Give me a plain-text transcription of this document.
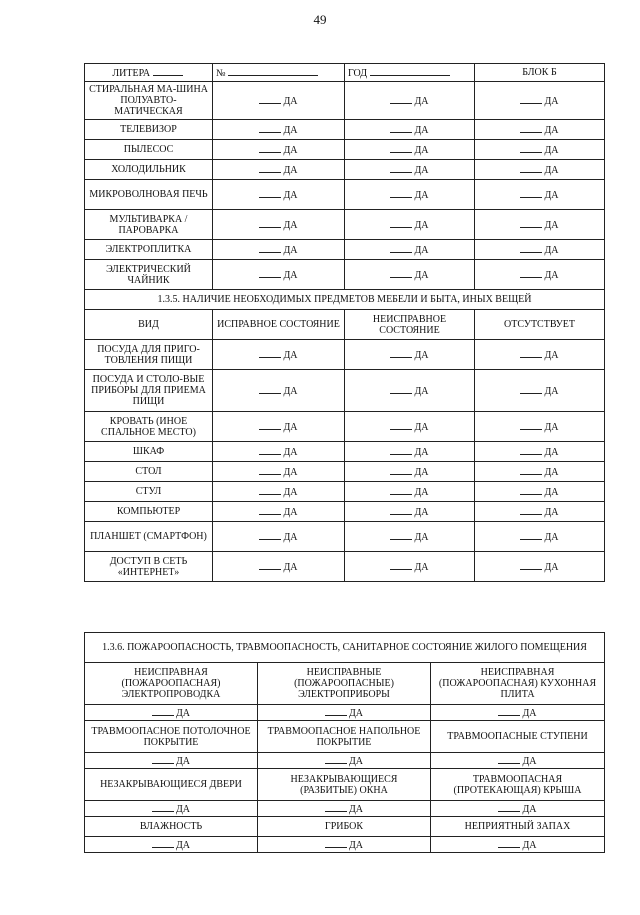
49
ЛИТЕРА	№	ГОД	БЛОК Б
СТИРАЛЬНАЯ МА-ШИНА ПОЛУАВТО-МАТИЧЕСКАЯ	ДА	ДА	ДА
ТЕЛЕВИЗОР	ДА	ДА	ДА
ПЫЛЕСОС	ДА	ДА	ДА
ХОЛОДИЛЬНИК	ДА	ДА	ДА
МИКРОВОЛНОВАЯ ПЕЧЬ	ДА	ДА	ДА
МУЛЬТИВАРКА / ПАРОВАРКА	ДА	ДА	ДА
ЭЛЕКТРОПЛИТКА	ДА	ДА	ДА
ЭЛЕКТРИЧЕСКИЙ ЧАЙНИК	ДА	ДА	ДА
1.3.5. НАЛИЧИЕ НЕОБХОДИМЫХ ПРЕДМЕТОВ МЕБЕЛИ И БЫТА, ИНЫХ ВЕЩЕЙ			
ВИД	ИСПРАВНОЕ СОСТОЯНИЕ	НЕИСПРАВНОЕ СОСТОЯНИЕ	ОТСУТСТВУЕТ
ПОСУДА ДЛЯ ПРИГО-ТОВЛЕНИЯ ПИЩИ	ДА	ДА	ДА
ПОСУДА И СТОЛО-ВЫЕ ПРИБОРЫ ДЛЯ ПРИЕМА ПИЩИ	ДА	ДА	ДА
КРОВАТЬ (ИНОЕ СПАЛЬНОЕ МЕСТО)	ДА	ДА	ДА
ШКАФ	ДА	ДА	ДА
СТОЛ	ДА	ДА	ДА
СТУЛ	ДА	ДА	ДА
КОМПЬЮТЕР	ДА	ДА	ДА
ПЛАНШЕТ (СМАРТФОН)	ДА	ДА	ДА
ДОСТУП В СЕТЬ «ИНТЕРНЕТ»	ДА	ДА	ДА
1.3.6. ПОЖАРООПАСНОСТЬ, ТРАВМООПАСНОСТЬ, САНИТАРНОЕ СОСТОЯНИЕ ЖИЛОГО ПОМЕЩЕНИЯ		
НЕИСПРАВНАЯ (ПОЖАРООПАСНАЯ) ЭЛЕКТРОПРОВОДКА	НЕИСПРАВНЫЕ (ПОЖАРООПАСНЫЕ) ЭЛЕКТРОПРИБОРЫ	НЕИСПРАВНАЯ (ПОЖАРООПАСНАЯ) КУХОННАЯ ПЛИТА
ДА	ДА	ДА
ТРАВМООПАСНОЕ ПОТОЛОЧНОЕ ПОКРЫТИЕ	ТРАВМООПАСНОЕ НАПОЛЬНОЕ ПОКРЫТИЕ	ТРАВМООПАСНЫЕ СТУПЕНИ
ДА	ДА	ДА
НЕЗАКРЫВАЮЩИЕСЯ ДВЕРИ	НЕЗАКРЫВАЮЩИЕСЯ (РАЗБИТЫЕ) ОКНА	ТРАВМООПАСНАЯ (ПРОТЕКАЮЩАЯ) КРЫША
ДА	ДА	ДА
ВЛАЖНОСТЬ	ГРИБОК	НЕПРИЯТНЫЙ ЗАПАХ
ДА	ДА	ДА
